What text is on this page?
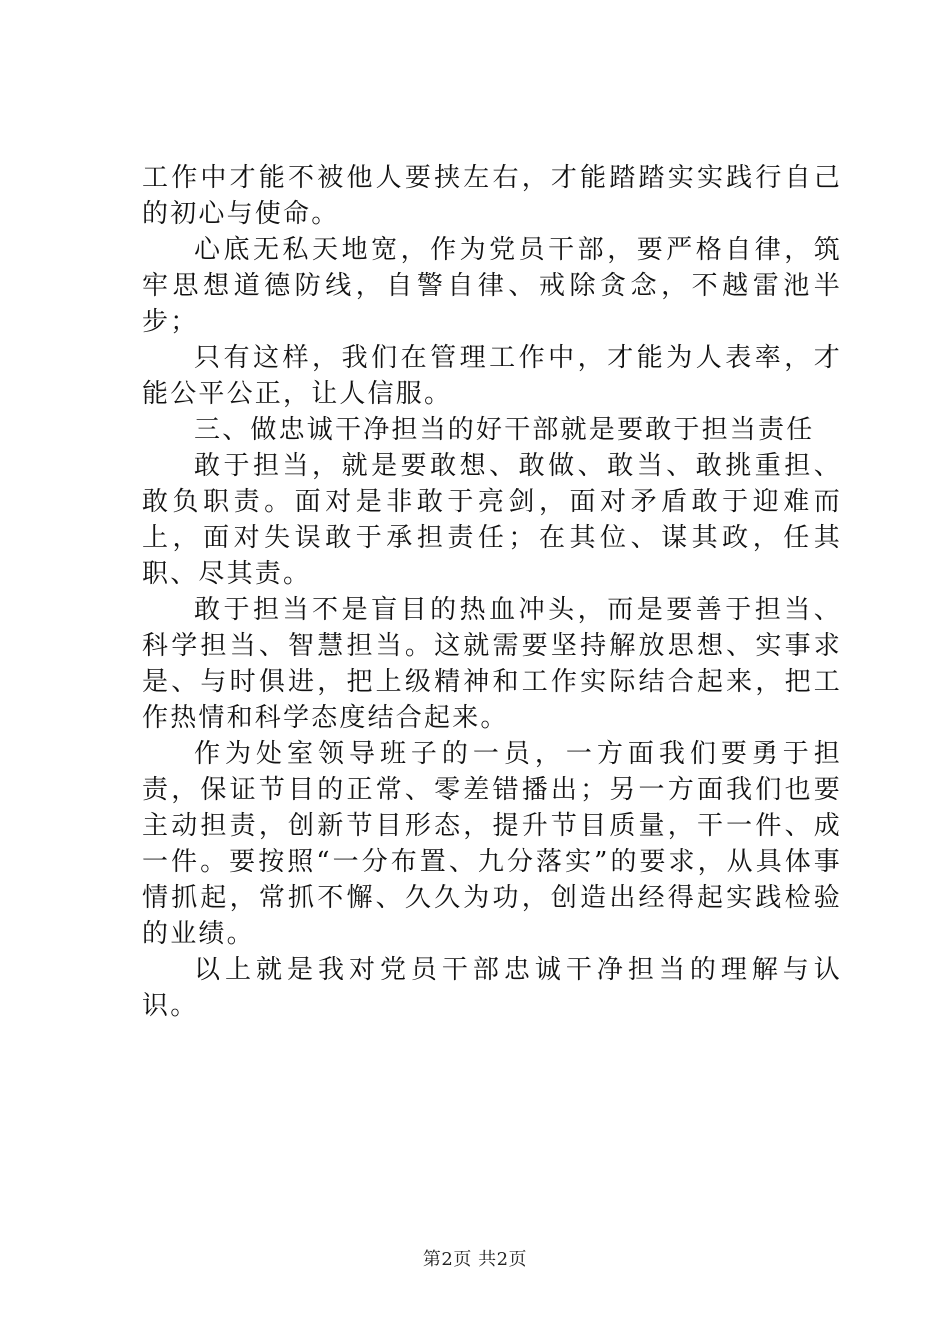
工作中才能不被他人要挟左右，才能踏踏实实践行自己的初心与使命。

心底无私天地宽，作为党员干部，要严格自律，筑牢思想道德防线，自警自律、戒除贪念，不越雷池半步；

只有这样，我们在管理工作中，才能为人表率，才能公平公正，让人信服。

三、做忠诚干净担当的好干部就是要敢于担当责任

敢于担当，就是要敢想、敢做、敢当、敢挑重担、敢负职责。面对是非敢于亮剑，面对矛盾敢于迎难而上，面对失误敢于承担责任；在其位、谋其政，任其职、尽其责。

敢于担当不是盲目的热血冲头，而是要善于担当、科学担当、智慧担当。这就需要坚持解放思想、实事求是、与时俱进，把上级精神和工作实际结合起来，把工作热情和科学态度结合起来。

作为处室领导班子的一员，一方面我们要勇于担责，保证节目的正常、零差错播出；另一方面我们也要主动担责，创新节目形态，提升节目质量，干一件、成一件。要按照“一分布置、九分落实”的要求，从具体事情抓起，常抓不懈、久久为功，创造出经得起实践检验的业绩。

以上就是我对党员干部忠诚干净担当的理解与认识。

第2页 共2页
